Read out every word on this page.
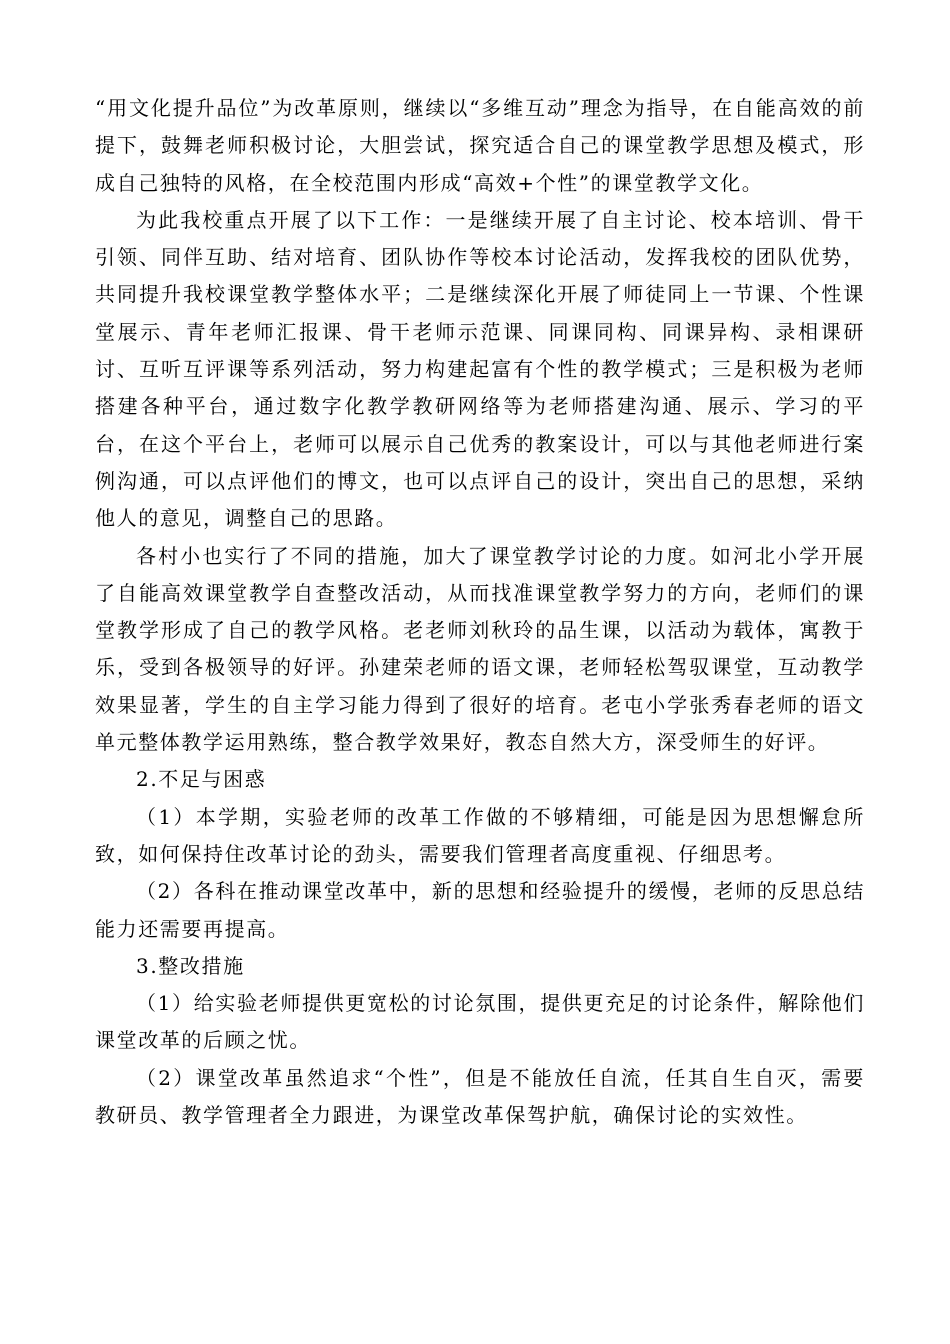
“用文化提升品位”为改革原则，继续以“多维互动”理念为指导，在自能高效的前提下，鼓舞老师积极讨论，大胆尝试，探究适合自己的课堂教学思想及模式，形成自己独特的风格，在全校范围内形成“高效+个性”的课堂教学文化。

为此我校重点开展了以下工作：一是继续开展了自主讨论、校本培训、骨干引领、同伴互助、结对培育、团队协作等校本讨论活动，发挥我校的团队优势，共同提升我校课堂教学整体水平；二是继续深化开展了师徒同上一节课、个性课堂展示、青年老师汇报课、骨干老师示范课、同课同构、同课异构、录相课研讨、互听互评课等系列活动，努力构建起富有个性的教学模式；三是积极为老师搭建各种平台，通过数字化教学教研网络等为老师搭建沟通、展示、学习的平台，在这个平台上，老师可以展示自己优秀的教案设计，可以与其他老师进行案例沟通，可以点评他们的博文，也可以点评自己的设计，突出自己的思想，采纳他人的意见，调整自己的思路。

各村小也实行了不同的措施，加大了课堂教学讨论的力度。如河北小学开展了自能高效课堂教学自查整改活动，从而找准课堂教学努力的方向，老师们的课堂教学形成了自己的教学风格。老老师刘秋玲的品生课，以活动为载体，寓教于乐，受到各极领导的好评。孙建荣老师的语文课，老师轻松驾驭课堂，互动教学效果显著，学生的自主学习能力得到了很好的培育。老屯小学张秀春老师的语文单元整体教学运用熟练，整合教学效果好，教态自然大方，深受师生的好评。

2.不足与困惑

（1）本学期，实验老师的改革工作做的不够精细，可能是因为思想懈怠所致，如何保持住改革讨论的劲头，需要我们管理者高度重视、仔细思考。

（2）各科在推动课堂改革中，新的思想和经验提升的缓慢，老师的反思总结能力还需要再提高。

3.整改措施

（1）给实验老师提供更宽松的讨论氛围，提供更充足的讨论条件，解除他们课堂改革的后顾之忧。

（2）课堂改革虽然追求“个性”，但是不能放任自流，任其自生自灭，需要教研员、教学管理者全力跟进，为课堂改革保驾护航，确保讨论的实效性。
